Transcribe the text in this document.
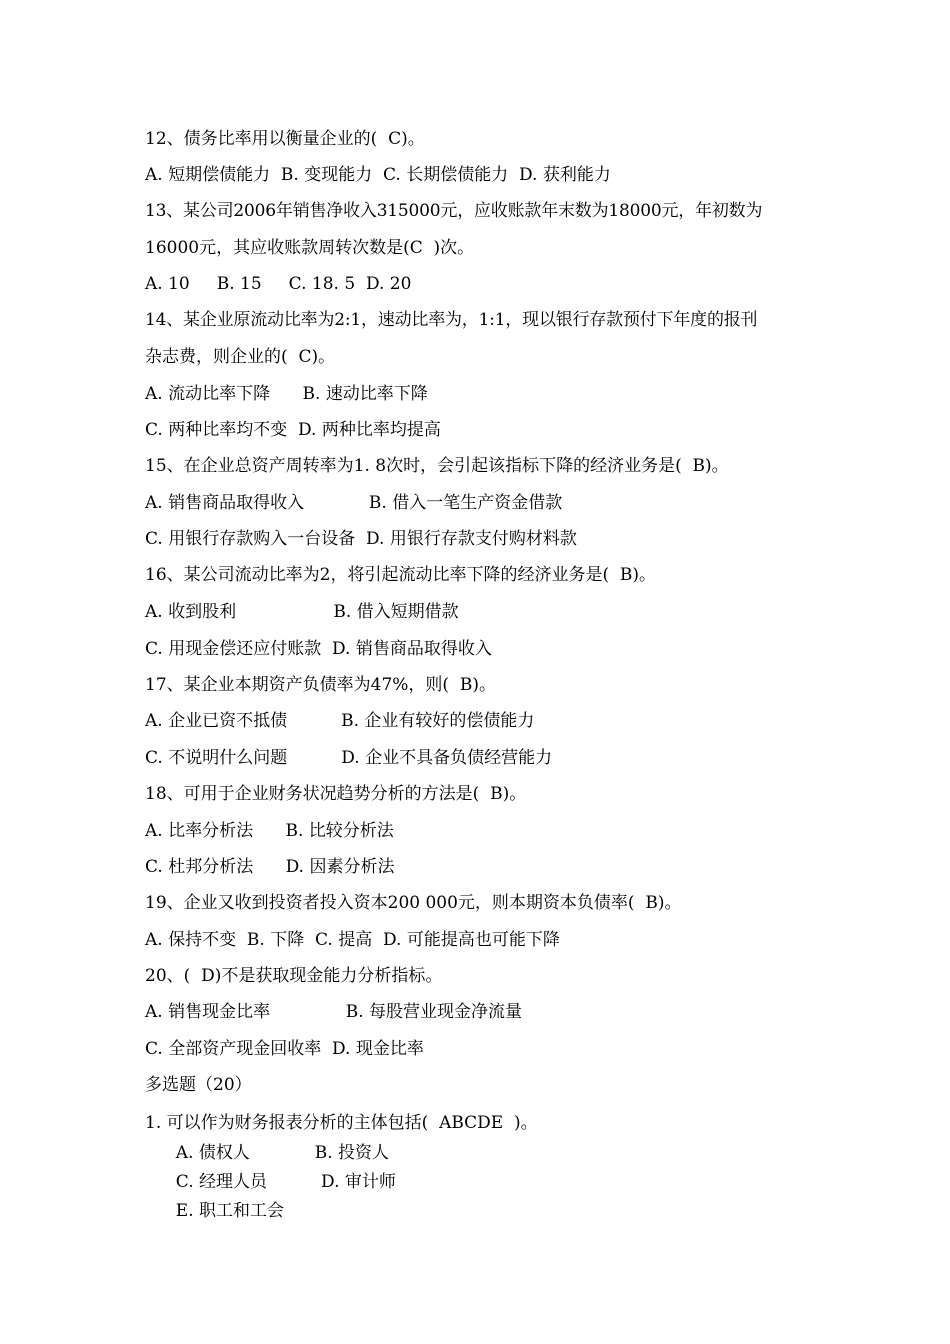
12、债务比率用以衡量企业的(  C)。
A. 短期偿债能力  B. 变现能力  C. 长期偿债能力  D. 获利能力
13、某公司2006年销售净收入315000元，应收账款年末数为18000元，年初数为
16000元，其应收账款周转次数是(C  )次。
A. 10     B. 15     C. 18. 5  D. 20
14、某企业原流动比率为2:1，速动比率为，1:1，现以银行存款预付下年度的报刊
杂志费，则企业的(  C)。
A. 流动比率下降      B. 速动比率下降
C. 两种比率均不变  D. 两种比率均提高
15、在企业总资产周转率为1. 8次时，会引起该指标下降的经济业务是(  B)。
A. 销售商品取得收入            B. 借入一笔生产资金借款
C. 用银行存款购入一台设备  D. 用银行存款支付购材料款
16、某公司流动比率为2，将引起流动比率下降的经济业务是(  B)。
A. 收到股利                  B. 借入短期借款
C. 用现金偿还应付账款  D. 销售商品取得收入
17、某企业本期资产负债率为47%，则(  B)。
A. 企业已资不抵债          B. 企业有较好的偿债能力
C. 不说明什么问题          D. 企业不具备负债经营能力
18、可用于企业财务状况趋势分析的方法是(  B)。
A. 比率分析法      B. 比较分析法
C. 杜邦分析法      D. 因素分析法
19、企业又收到投资者投入资本200 000元，则本期资本负债率(  B)。
A. 保持不变  B. 下降  C. 提高  D. 可能提高也可能下降
20、(  D)不是获取现金能力分析指标。
A. 销售现金比率              B. 每股营业现金净流量
C. 全部资产现金回收率  D. 现金比率
多选题（20）
1. 可以作为财务报表分析的主体包括(  ABCDE  )。
A. 债权人            B. 投资人
C. 经理人员          D. 审计师
E. 职工和工会
